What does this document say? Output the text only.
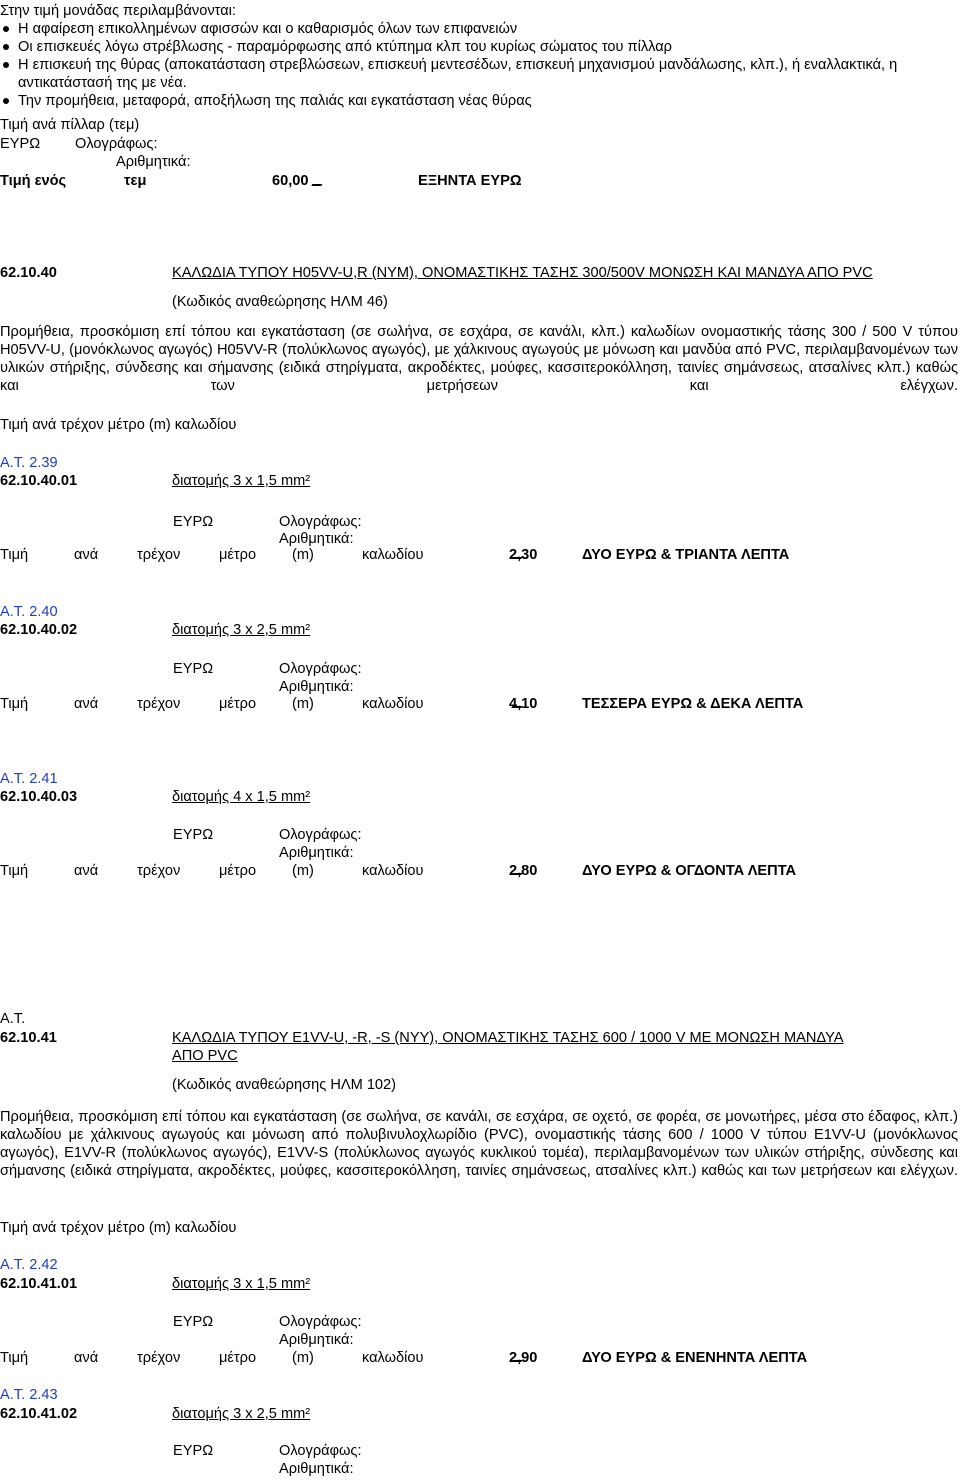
Στην τιμή μονάδας περιλαμβάνονται:
Η αφαίρεση επικολλημένων αφισσών και ο καθαρισμός όλων των επιφανειών
Οι επισκευές λόγω στρέβλωσης - παραμόρφωσης από κτύπημα κλπ του κυρίως σώματος του πίλλαρ
Η επισκευή της θύρας (αποκατάσταση στρεβλώσεων, επισκευή μεντεσέδων, επισκευή μηχανισμού μανδάλωσης, κλπ.), ή εναλλακτικά, η αντικατάστασή της με νέα.
Την προμήθεια, μεταφορά, αποξήλωση της παλιάς και εγκατάσταση νέας θύρας
Τιμή ανά πίλλαρ (τεμ)
ΕΥΡΩ Ολογράφως:
Αριθμητικά:
Τιμή ενός	τεμ	60,00	ΕΞΗΝΤΑ ΕΥΡΩ
62.10.40	ΚΑΛΩΔΙΑ ΤΥΠΟΥ H05VV-U,R (NYM), ΟΝΟΜΑΣΤΙΚΗΣ ΤΑΣΗΣ 300/500V ΜΟΝΩΣΗ ΚΑΙ ΜΑΝΔΥΑ ΑΠΟ PVC
(Κωδικός αναθεώρησης ΗΛΜ 46)
Προμήθεια, προσκόμιση επί τόπου και εγκατάσταση (σε σωλήνα, σε εσχάρα, σε κανάλι, κλπ.) καλωδίων ονομαστικής τάσης 300 / 500 V τύπου H05VV-U, (μονόκλωνος αγωγός) H05VV-R (πολύκλωνος αγωγός), με χάλκινους αγωγούς με μόνωση και μανδύα από PVC, περιλαμβανομένων των υλικών στήριξης, σύνδεσης και σήμανσης (ειδικά στηρίγματα, ακροδέκτες, μούφες, κασσιτεροκόλληση, ταινίες σημάνσεως, ατσαλίνες κλπ.) καθώς και των μετρήσεων και ελέγχων.
Τιμή ανά τρέχον μέτρο (m) καλωδίου
Α.Τ. 2.39
62.10.40.01	διατομής 3 x 1,5 mm²
ΕΥΡΩ	Ολογράφως:
Αριθμητικά:
Τιμή	ανά	τρέχον	μέτρο (m)	καλωδίου	2,30	ΔΥΟ ΕΥΡΩ & ΤΡΙΑΝΤΑ ΛΕΠΤΑ
Α.Τ. 2.40
62.10.40.02	διατομής 3 x 2,5 mm²
ΕΥΡΩ	Ολογράφως:
Αριθμητικά:
Τιμή	ανά	τρέχον	μέτρο (m)	καλωδίου	4,10	ΤΕΣΣΕΡΑ ΕΥΡΩ & ΔΕΚΑ ΛΕΠΤΑ
Α.Τ. 2.41
62.10.40.03	διατομής 4 x 1,5 mm²
ΕΥΡΩ	Ολογράφως:
Αριθμητικά:
Τιμή	ανά	τρέχον	μέτρο (m)	καλωδίου	2,80	ΔΥΟ ΕΥΡΩ & ΟΓΔΟΝΤΑ ΛΕΠΤΑ
Α.Τ.
62.10.41	ΚΑΛΩΔΙΑ ΤΥΠΟΥ E1VV-U, -R, -S (NYY), ΟΝΟΜΑΣΤΙΚΗΣ ΤΑΣΗΣ 600 / 1000 V ΜΕ ΜΟΝΩΣΗ ΜΑΝΔΥΑ
ΑΠΟ PVC
(Κωδικός αναθεώρησης ΗΛΜ 102)
Προμήθεια, προσκόμιση επί τόπου και εγκατάσταση (σε σωλήνα, σε κανάλι, σε εσχάρα, σε οχετό, σε φορέα, σε μονωτήρες, μέσα στο έδαφος, κλπ.) καλωδίου με χάλκινους αγωγούς και μόνωση από πολυβινυλοχλωρίδιο (PVC), ονομαστικής τάσης 600 / 1000 V τύπου E1VV-U (μονόκλωνος αγωγός), E1VV-R (πολύκλωνος αγωγός), E1VV-S (πολύκλωνος αγωγός κυκλικού τομέα), περιλαμβανομένων των υλικών στήριξης, σύνδεσης και σήμανσης (ειδικά στηρίγματα, ακροδέκτες, μούφες, κασσιτεροκόλληση, ταινίες σημάνσεως, ατσαλίνες κλπ.) καθώς και των μετρήσεων και ελέγχων.
Τιμή ανά τρέχον μέτρο (m) καλωδίου
Α.Τ. 2.42
62.10.41.01	διατομής 3 x 1,5 mm²
ΕΥΡΩ	Ολογράφως:
Αριθμητικά:
Τιμή	ανά	τρέχον	μέτρο (m)	καλωδίου	2,90	ΔΥΟ ΕΥΡΩ & ΕΝΕΝΗΝΤΑ ΛΕΠΤΑ
Α.Τ. 2.43
62.10.41.02	διατομής 3 x 2,5 mm²
ΕΥΡΩ	Ολογράφως:
Αριθμητικά:
